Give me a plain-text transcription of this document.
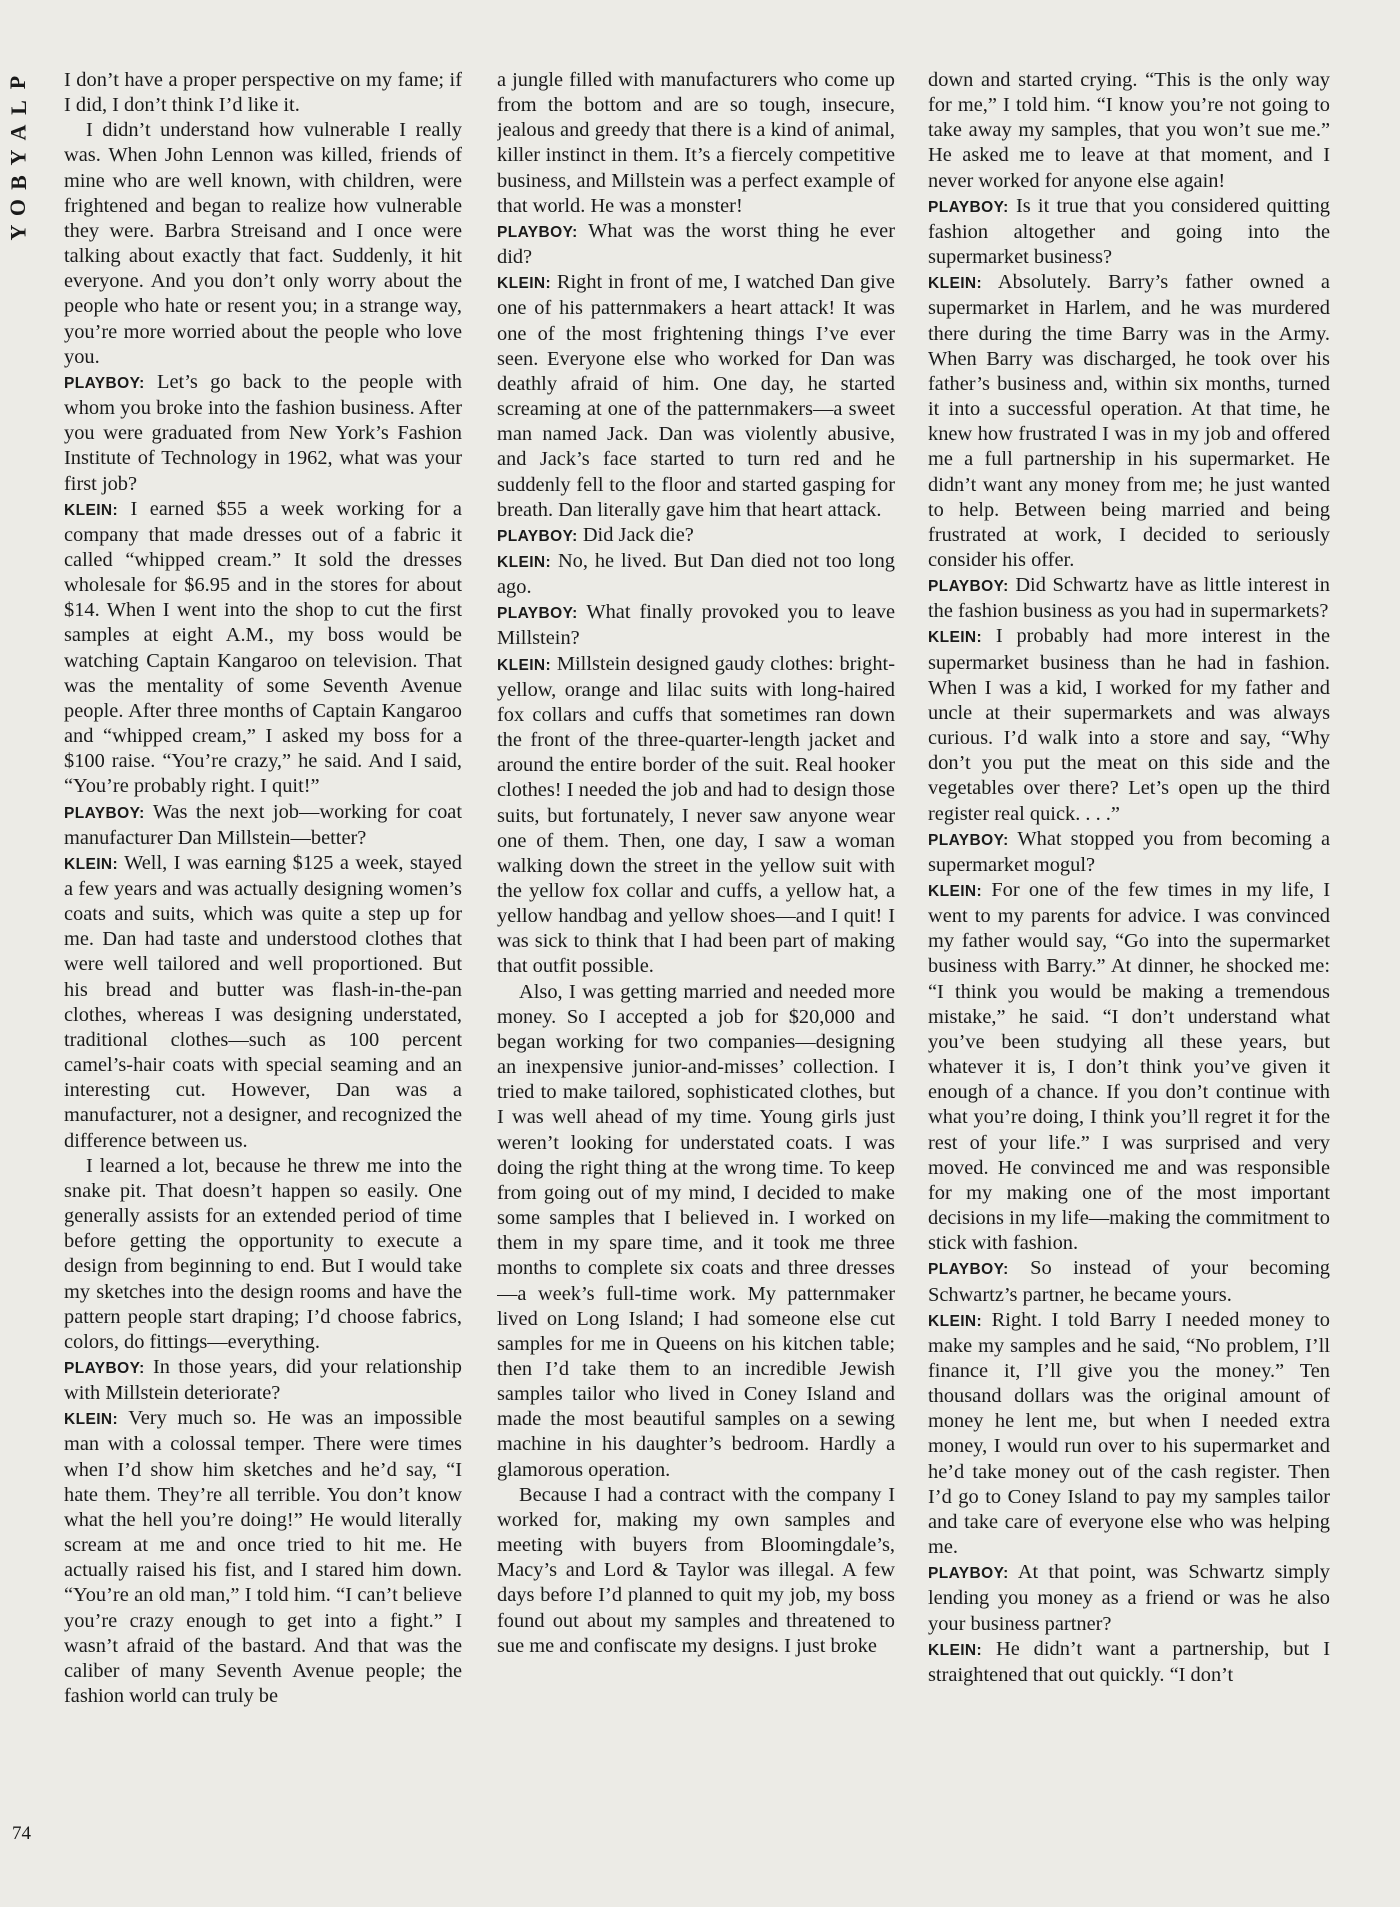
P
L
A
Y
B
O
Y

I don’t have a proper perspective on my fame; if I did, I don’t think I’d like it.

I didn’t understand how vulnerable I really was. When John Lennon was killed, friends of mine who are well known, with children, were frightened and began to realize how vulnerable they were. Barbra Streisand and I once were talking about exactly that fact. Suddenly, it hit everyone. And you don’t only worry about the people who hate or resent you; in a strange way, you’re more worried about the people who love you.

PLAYBOY: Let’s go back to the people with whom you broke into the fashion business. After you were graduated from New York’s Fashion Institute of Technology in 1962, what was your first job?

KLEIN: I earned $55 a week working for a company that made dresses out of a fabric it called “whipped cream.” It sold the dresses wholesale for $6.95 and in the stores for about $14. When I went into the shop to cut the first samples at eight A.M., my boss would be watching Captain Kangaroo on television. That was the mentality of some Seventh Avenue people. After three months of Captain Kangaroo and “whipped cream,” I asked my boss for a $100 raise. “You’re crazy,” he said. And I said, “You’re probably right. I quit!”

PLAYBOY: Was the next job—working for coat manufacturer Dan Millstein—better?

KLEIN: Well, I was earning $125 a week, stayed a few years and was actually designing women’s coats and suits, which was quite a step up for me. Dan had taste and understood clothes that were well tailored and well proportioned. But his bread and butter was flash-in-the-pan clothes, whereas I was designing understated, traditional clothes—such as 100 percent camel’s-hair coats with special seaming and an interesting cut. However, Dan was a manufacturer, not a designer, and recognized the difference between us.

I learned a lot, because he threw me into the snake pit. That doesn’t happen so easily. One generally assists for an extended period of time before getting the opportunity to execute a design from beginning to end. But I would take my sketches into the design rooms and have the pattern people start draping; I’d choose fabrics, colors, do fittings—everything.

PLAYBOY: In those years, did your relationship with Millstein deteriorate?

KLEIN: Very much so. He was an impossible man with a colossal temper. There were times when I’d show him sketches and he’d say, “I hate them. They’re all terrible. You don’t know what the hell you’re doing!” He would literally scream at me and once tried to hit me. He actually raised his fist, and I stared him down. “You’re an old man,” I told him. “I can’t believe you’re crazy enough to get into a fight.” I wasn’t afraid of the bastard. And that was the caliber of many Seventh Avenue people; the fashion world can truly be

a jungle filled with manufacturers who come up from the bottom and are so tough, insecure, jealous and greedy that there is a kind of animal, killer instinct in them. It’s a fiercely competitive business, and Millstein was a perfect example of that world. He was a monster!

PLAYBOY: What was the worst thing he ever did?

KLEIN: Right in front of me, I watched Dan give one of his patternmakers a heart attack! It was one of the most frightening things I’ve ever seen. Everyone else who worked for Dan was deathly afraid of him. One day, he started screaming at one of the patternmakers—a sweet man named Jack. Dan was violently abusive, and Jack’s face started to turn red and he suddenly fell to the floor and started gasping for breath. Dan literally gave him that heart attack.

PLAYBOY: Did Jack die?

KLEIN: No, he lived. But Dan died not too long ago.

PLAYBOY: What finally provoked you to leave Millstein?

KLEIN: Millstein designed gaudy clothes: bright-yellow, orange and lilac suits with long-haired fox collars and cuffs that sometimes ran down the front of the three-quarter-length jacket and around the entire border of the suit. Real hooker clothes! I needed the job and had to design those suits, but fortunately, I never saw anyone wear one of them. Then, one day, I saw a woman walking down the street in the yellow suit with the yellow fox collar and cuffs, a yellow hat, a yellow handbag and yellow shoes—and I quit! I was sick to think that I had been part of making that outfit possible.

Also, I was getting married and needed more money. So I accepted a job for $20,000 and began working for two companies—designing an inexpensive junior-and-misses’ collection. I tried to make tailored, sophisticated clothes, but I was well ahead of my time. Young girls just weren’t looking for understated coats. I was doing the right thing at the wrong time. To keep from going out of my mind, I decided to make some samples that I believed in. I worked on them in my spare time, and it took me three months to complete six coats and three dresses—a week’s full-time work. My patternmaker lived on Long Island; I had someone else cut samples for me in Queens on his kitchen table; then I’d take them to an incredible Jewish samples tailor who lived in Coney Island and made the most beautiful samples on a sewing machine in his daughter’s bedroom. Hardly a glamorous operation.

Because I had a contract with the company I worked for, making my own samples and meeting with buyers from Bloomingdale’s, Macy’s and Lord & Taylor was illegal. A few days before I’d planned to quit my job, my boss found out about my samples and threatened to sue me and confiscate my designs. I just broke

down and started crying. “This is the only way for me,” I told him. “I know you’re not going to take away my samples, that you won’t sue me.” He asked me to leave at that moment, and I never worked for anyone else again!

PLAYBOY: Is it true that you considered quitting fashion altogether and going into the supermarket business?

KLEIN: Absolutely. Barry’s father owned a supermarket in Harlem, and he was murdered there during the time Barry was in the Army. When Barry was discharged, he took over his father’s business and, within six months, turned it into a successful operation. At that time, he knew how frustrated I was in my job and offered me a full partnership in his supermarket. He didn’t want any money from me; he just wanted to help. Between being married and being frustrated at work, I decided to seriously consider his offer.

PLAYBOY: Did Schwartz have as little interest in the fashion business as you had in supermarkets?

KLEIN: I probably had more interest in the supermarket business than he had in fashion. When I was a kid, I worked for my father and uncle at their supermarkets and was always curious. I’d walk into a store and say, “Why don’t you put the meat on this side and the vegetables over there? Let’s open up the third register real quick. . . .”

PLAYBOY: What stopped you from becoming a supermarket mogul?

KLEIN: For one of the few times in my life, I went to my parents for advice. I was convinced my father would say, “Go into the supermarket business with Barry.” At dinner, he shocked me: “I think you would be making a tremendous mistake,” he said. “I don’t understand what you’ve been studying all these years, but whatever it is, I don’t think you’ve given it enough of a chance. If you don’t continue with what you’re doing, I think you’ll regret it for the rest of your life.” I was surprised and very moved. He convinced me and was responsible for my making one of the most important decisions in my life—making the commitment to stick with fashion.

PLAYBOY: So instead of your becoming Schwartz’s partner, he became yours.

KLEIN: Right. I told Barry I needed money to make my samples and he said, “No problem, I’ll finance it, I’ll give you the money.” Ten thousand dollars was the original amount of money he lent me, but when I needed extra money, I would run over to his supermarket and he’d take money out of the cash register. Then I’d go to Coney Island to pay my samples tailor and take care of everyone else who was helping me.

PLAYBOY: At that point, was Schwartz simply lending you money as a friend or was he also your business partner?

KLEIN: He didn’t want a partnership, but I straightened that out quickly. “I don’t

74
